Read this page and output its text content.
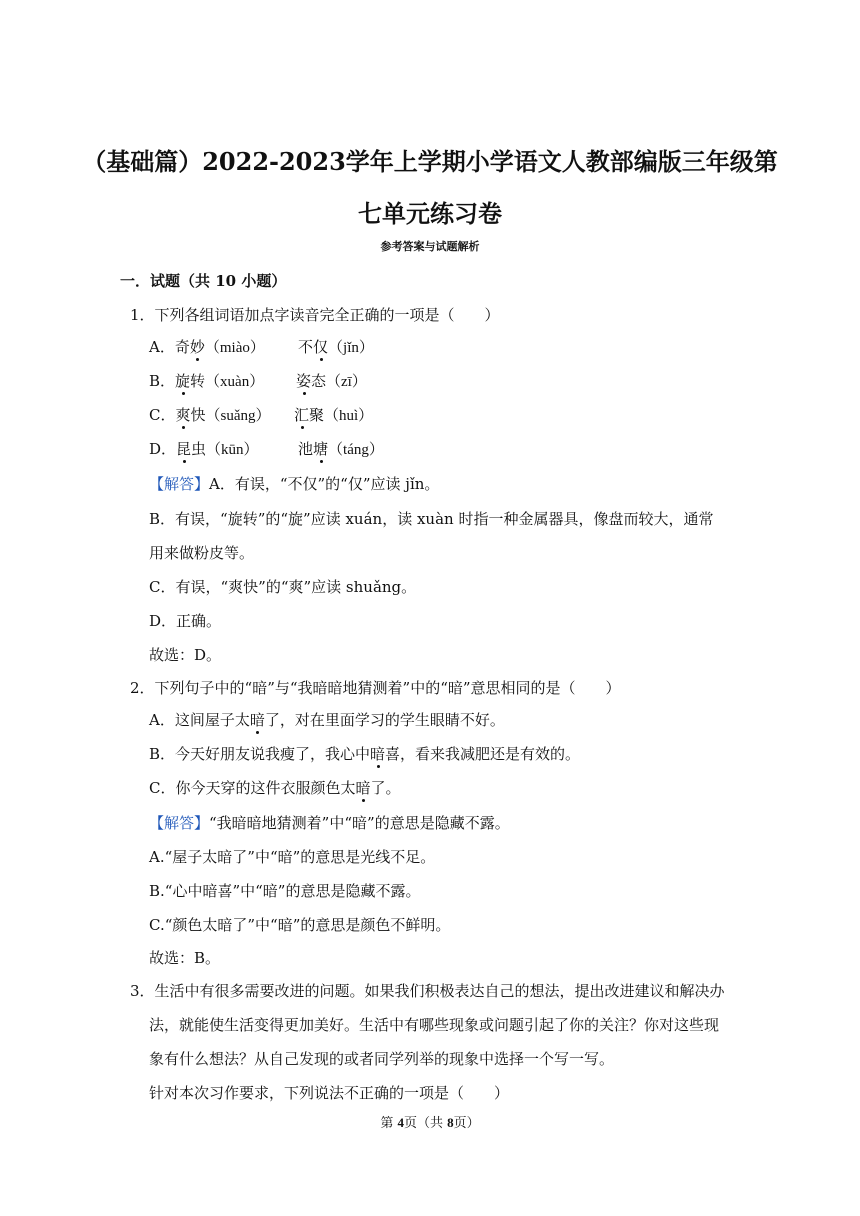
（基础篇）2022-2023学年上学期小学语文人教部编版三年级第
七单元练习卷
参考答案与试题解析
一．试题（共 10 小题）
1．下列各组词语加点字读音完全正确的一项是（　　）
A．奇妙（miào） 不仅（jǐn）
B．旋转（xuàn） 姿态（zī）
C．爽快（suǎng） 汇聚（huì）
D．昆虫（kūn）	池塘（táng）
【解答】A．有误，“不仅”的“仅”应读 jǐn。
B．有误，“旋转”的“旋”应读 xuán，读 xuàn 时指一种金属器具，像盘而较大，通常
用来做粉皮等。
C．有误，“爽快”的“爽”应读 shuǎng。
D．正确。
故选：D。
2．下列句子中的“暗”与“我暗暗地猜测着”中的“暗”意思相同的是（　　）
A．这间屋子太暗了，对在里面学习的学生眼睛不好。
B．今天好朋友说我瘦了，我心中暗喜，看来我减肥还是有效的。
C．你今天穿的这件衣服颜色太暗了。
【解答】“我暗暗地猜测着”中“暗”的意思是隐藏不露。
A.“屋子太暗了”中“暗”的意思是光线不足。
B.“心中暗喜”中“暗”的意思是隐藏不露。
C.“颜色太暗了”中“暗”的意思是颜色不鲜明。
故选：B。
3．生活中有很多需要改进的问题。如果我们积极表达自己的想法，提出改进建议和解决办
法，就能使生活变得更加美好。生活中有哪些现象或问题引起了你的关注？你对这些现
象有什么想法？从自己发现的或者同学列举的现象中选择一个写一写。
针对本次习作要求，下列说法不正确的一项是（　　）
第 4页（共 8页）
